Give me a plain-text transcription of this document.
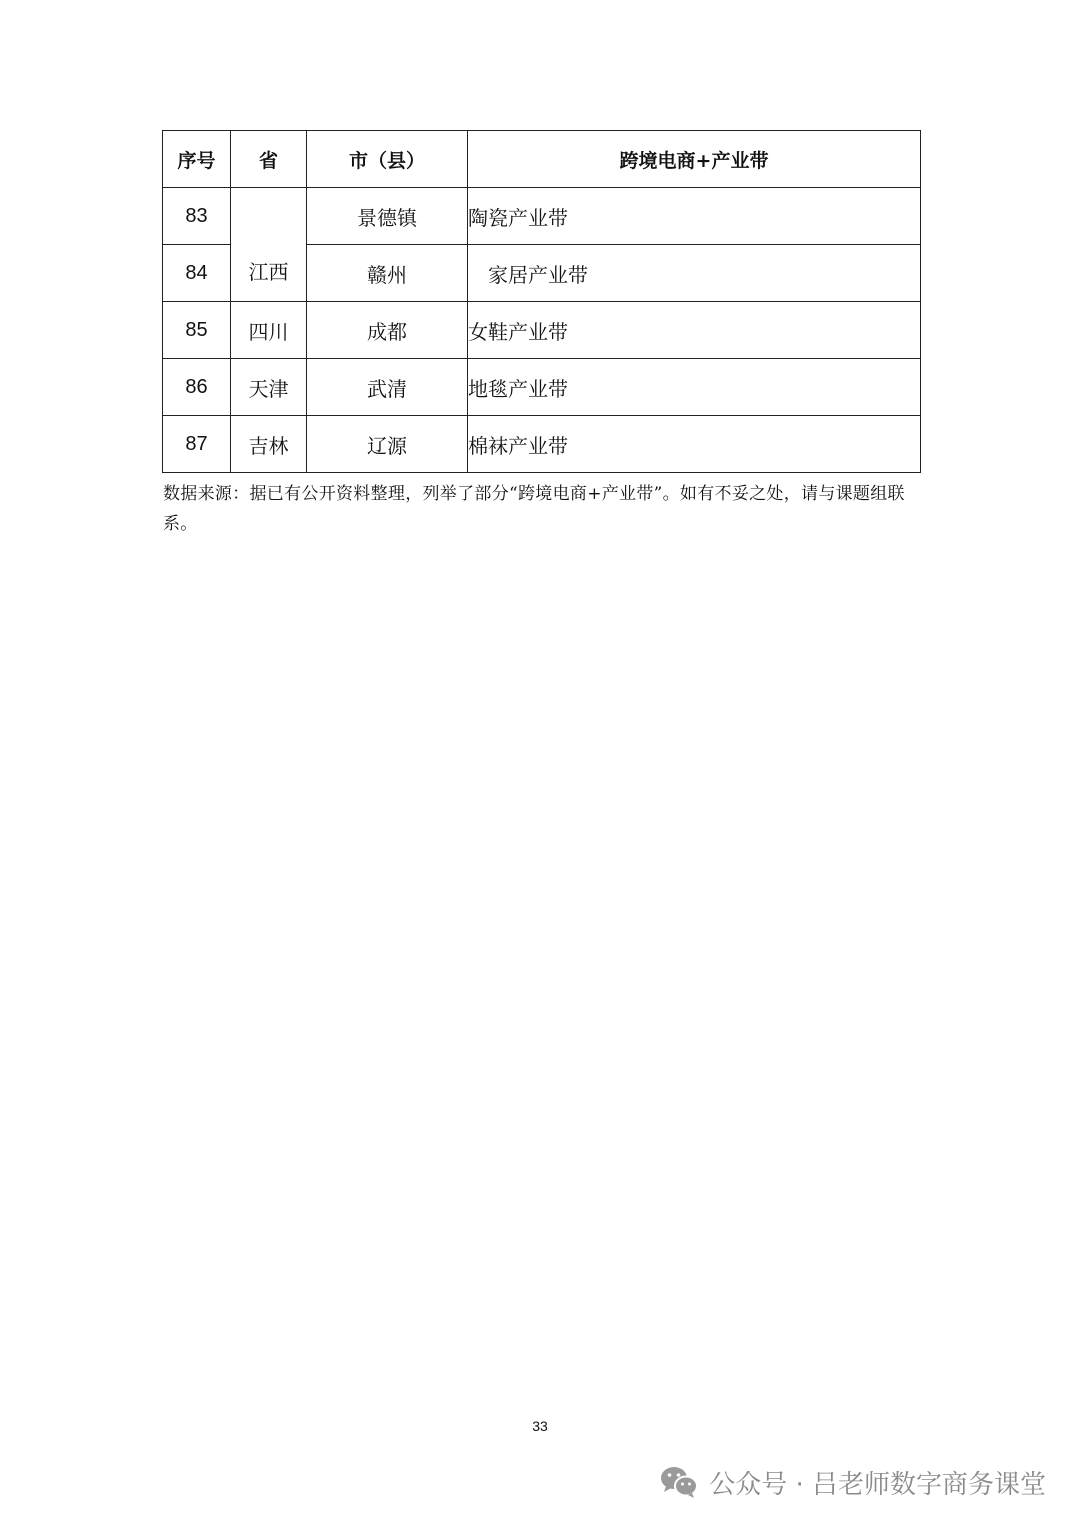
序号	省	市（县）	跨境电商+产业带
83	江西	景德镇	陶瓷产业带
84		赣州	家居产业带
85	四川	成都	女鞋产业带
86	天津	武清	地毯产业带
87	吉林	辽源	棉袜产业带
数据来源：据已有公开资料整理，列举了部分“跨境电商+产业带”。如有不妥之处，请与课题组联系。
33
公众号 · 吕老师数字商务课堂
